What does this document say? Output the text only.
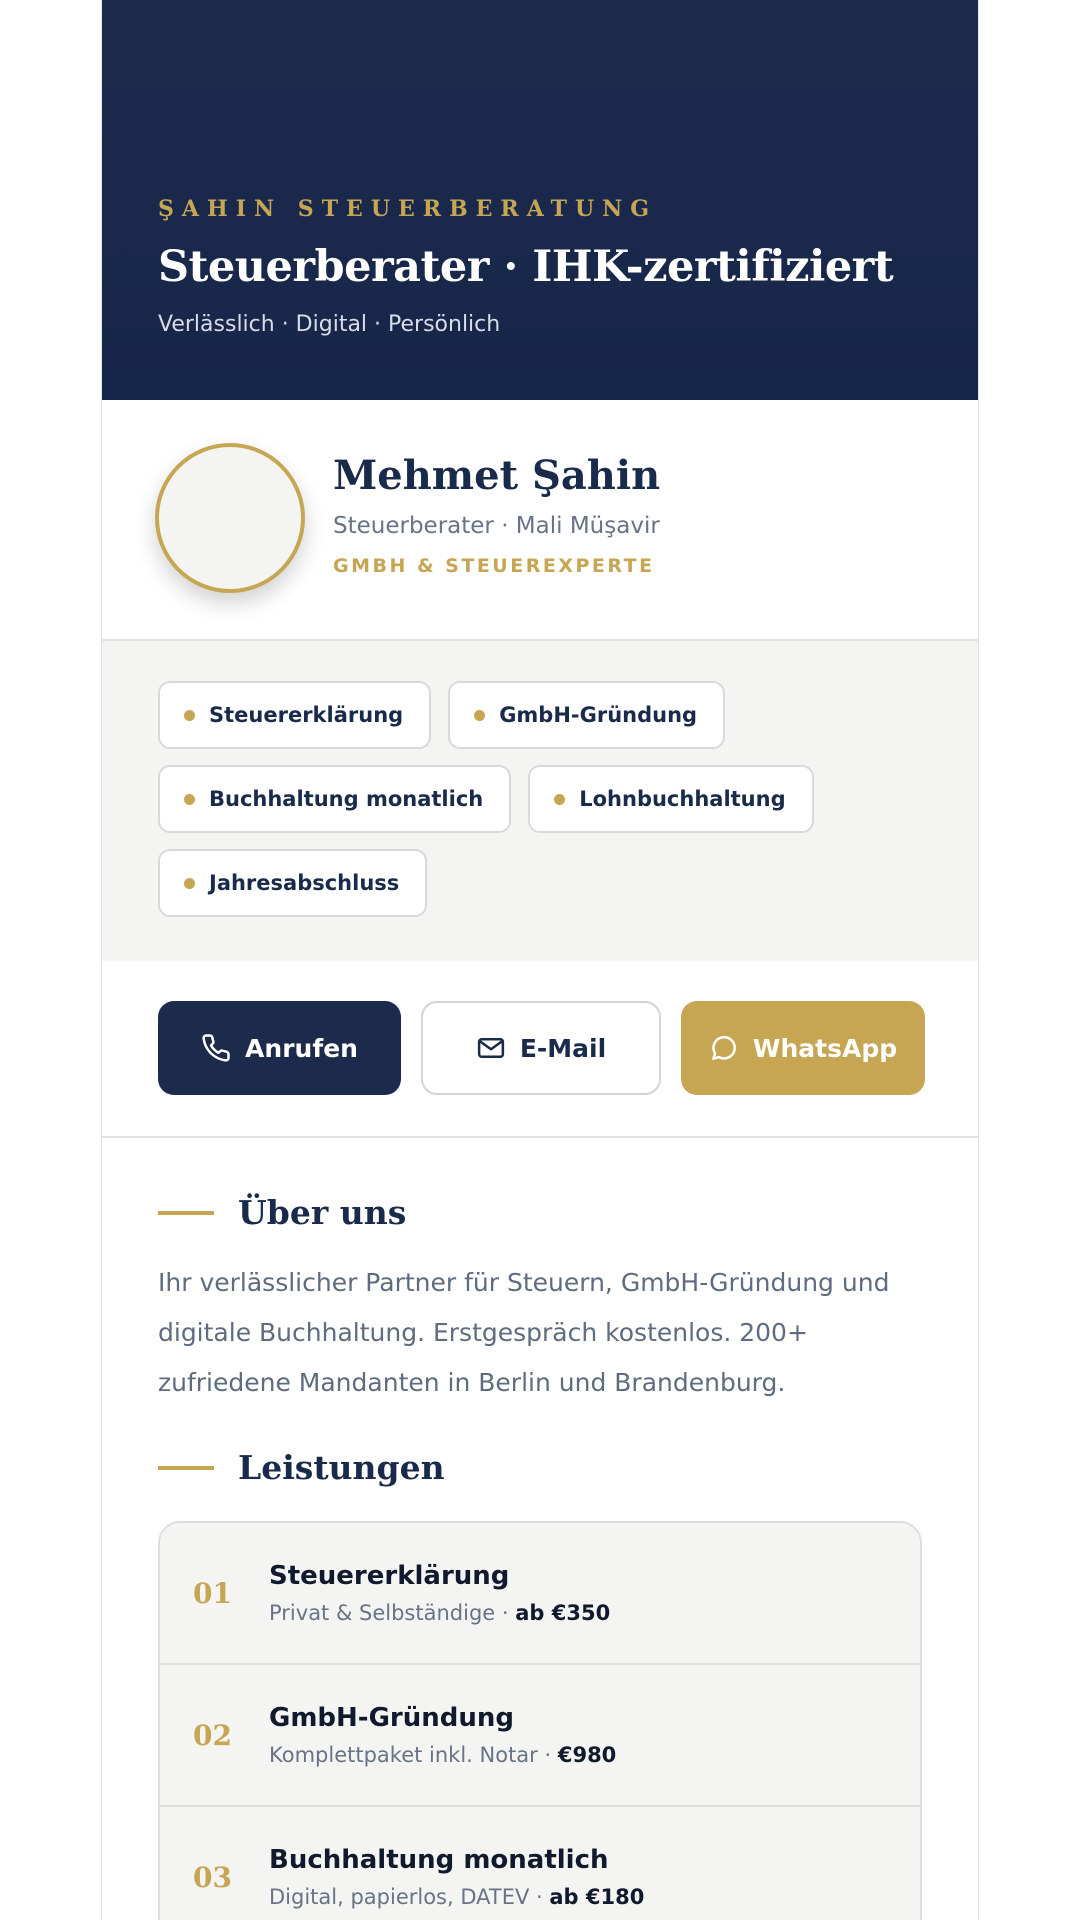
ŞAHIN STEUERBERATUNG
Steuerberater · IHK-zertifiziert
Verlässlich · Digital · Persönlich
Mehmet Şahin
Steuerberater · Mali Müşavir
GMBH & STEUEREXPERTE
Steuererklärung	GmbH-Gründung
Buchhaltung monatlich	Lohnbuchhaltung
Jahresabschluss
Anrufen	E-Mail	WhatsApp
Über uns

Ihr verlässlicher Partner für Steuern, GmbH-Gründung und digitale Buchhaltung. Erstgespräch kostenlos. 200+ zufriedene Mandanten in Berlin und Brandenburg.

Leistungen
01
Steuererklärung
Privat & Selbständige · ab €350
02
GmbH-Gründung
Komplettpaket inkl. Notar · €980
03
Buchhaltung monatlich
Digital, papierlos, DATEV · ab €180
